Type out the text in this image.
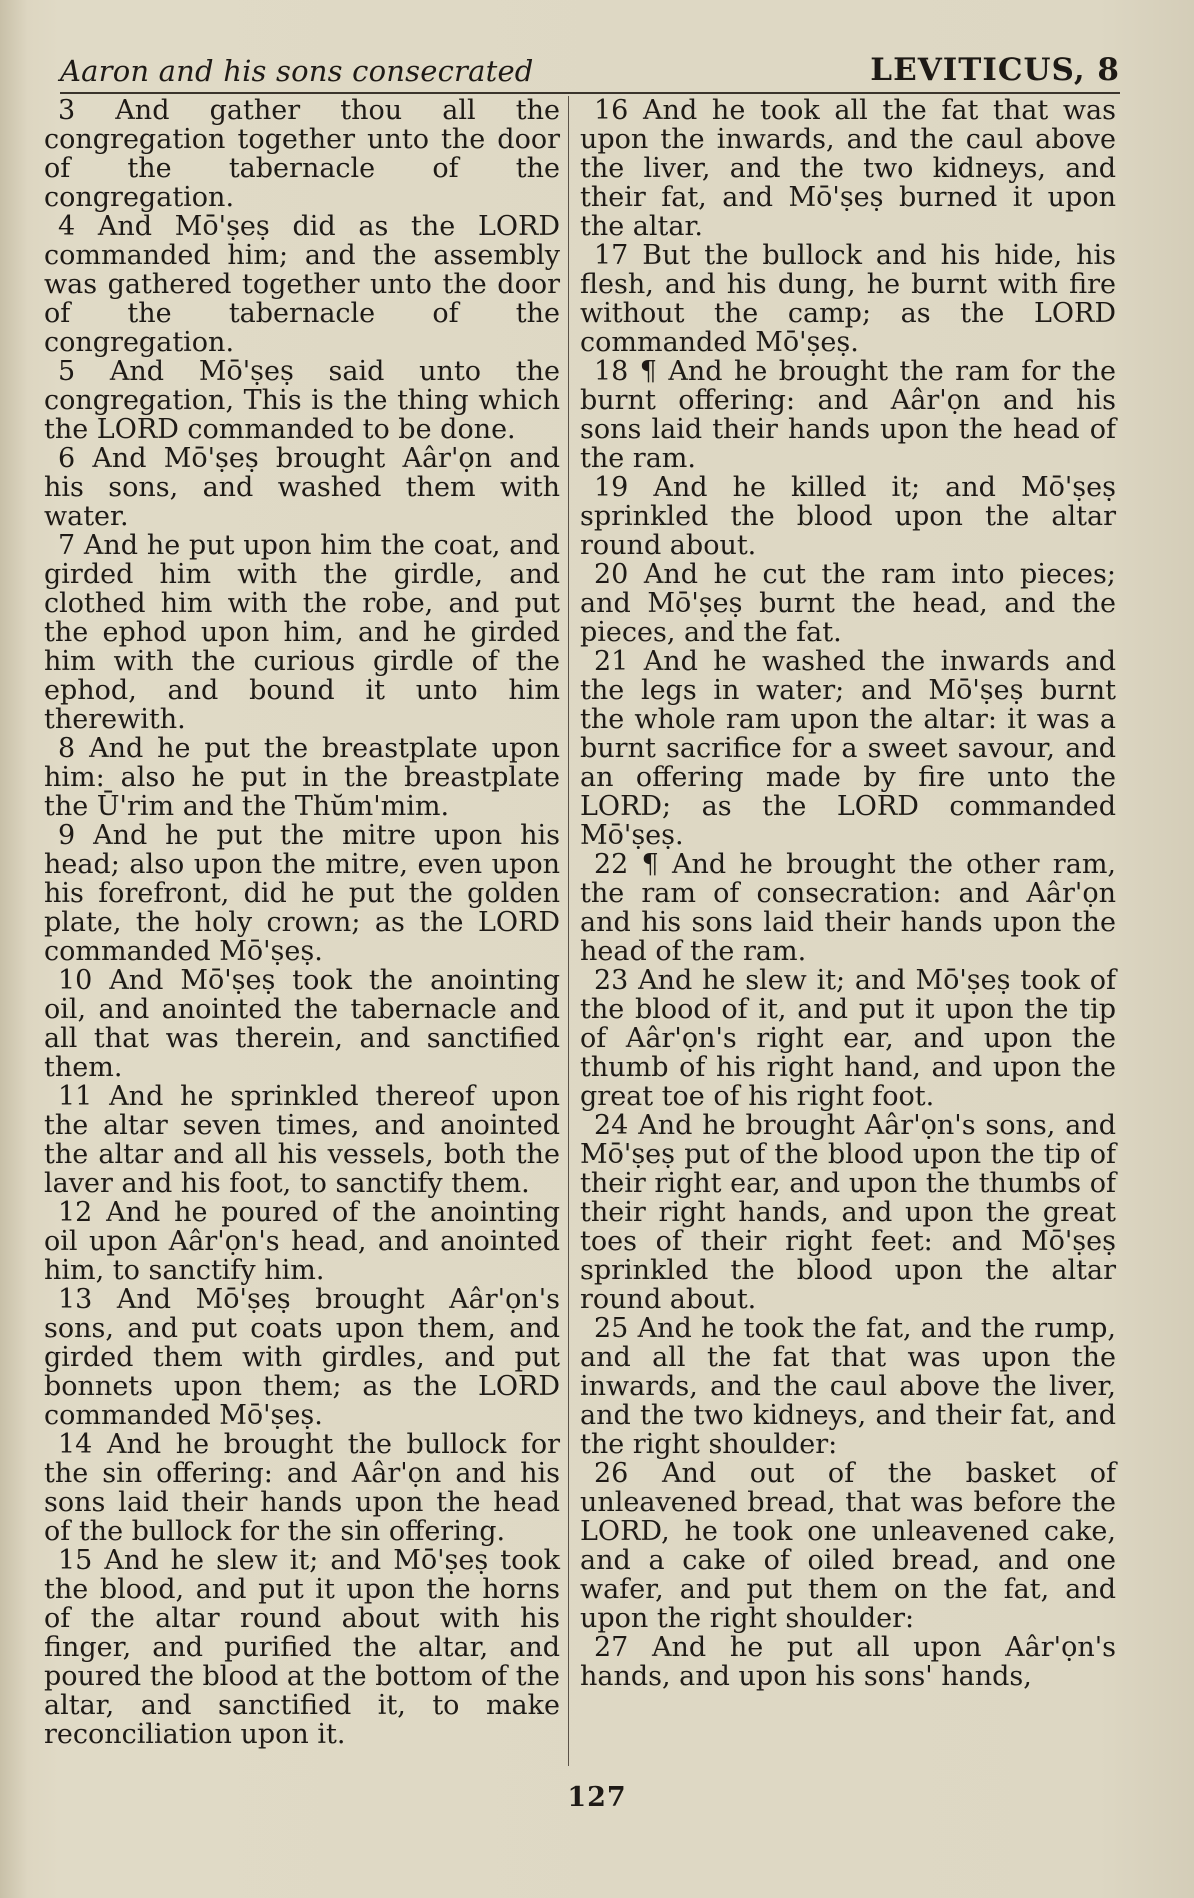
Aaron and his sons consecrated	LEVITICUS, 8

3 And gather thou all the congregation together unto the door of the tabernacle of the congregation.

4 And Mō'ṣeṣ did as the LORD commanded him; and the assembly was gathered together unto the door of the tabernacle of the congregation.

5 And Mō'ṣeṣ said unto the congregation, This is the thing which the LORD commanded to be done.

6 And Mō'ṣeṣ brought Aâr'ọn and his sons, and washed them with water.

7 And he put upon him the coat, and girded him with the girdle, and clothed him with the robe, and put the ephod upon him, and he girded him with the curious girdle of the ephod, and bound it unto him therewith.

8 And he put the breastplate upon him: also he put in the breastplate the Ū'rim and the Thŭm'mim.

9 And he put the mitre upon his head; also upon the mitre, even upon his forefront, did he put the golden plate, the holy crown; as the LORD commanded Mō'ṣeṣ.

10 And Mō'ṣeṣ took the anointing oil, and anointed the tabernacle and all that was therein, and sanctified them.

11 And he sprinkled thereof upon the altar seven times, and anointed the altar and all his vessels, both the laver and his foot, to sanctify them.

12 And he poured of the anointing oil upon Aâr'ọn's head, and anointed him, to sanctify him.

13 And Mō'ṣeṣ brought Aâr'ọn's sons, and put coats upon them, and girded them with girdles, and put bonnets upon them; as the LORD commanded Mō'ṣeṣ.

14 And he brought the bullock for the sin offering: and Aâr'ọn and his sons laid their hands upon the head of the bullock for the sin offering.

15 And he slew it; and Mō'ṣeṣ took the blood, and put it upon the horns of the altar round about with his finger, and purified the altar, and poured the blood at the bottom of the altar, and sanctified it, to make reconciliation upon it.

16 And he took all the fat that was upon the inwards, and the caul above the liver, and the two kidneys, and their fat, and Mō'ṣeṣ burned it upon the altar.

17 But the bullock and his hide, his flesh, and his dung, he burnt with fire without the camp; as the LORD commanded Mō'ṣeṣ.

18 ¶ And he brought the ram for the burnt offering: and Aâr'ọn and his sons laid their hands upon the head of the ram.

19 And he killed it; and Mō'ṣeṣ sprinkled the blood upon the altar round about.

20 And he cut the ram into pieces; and Mō'ṣeṣ burnt the head, and the pieces, and the fat.

21 And he washed the inwards and the legs in water; and Mō'ṣeṣ burnt the whole ram upon the altar: it was a burnt sacrifice for a sweet savour, and an offering made by fire unto the LORD; as the LORD commanded Mō'ṣeṣ.

22 ¶ And he brought the other ram, the ram of consecration: and Aâr'ọn and his sons laid their hands upon the head of the ram.

23 And he slew it; and Mō'ṣeṣ took of the blood of it, and put it upon the tip of Aâr'ọn's right ear, and upon the thumb of his right hand, and upon the great toe of his right foot.

24 And he brought Aâr'ọn's sons, and Mō'ṣeṣ put of the blood upon the tip of their right ear, and upon the thumbs of their right hands, and upon the great toes of their right feet: and Mō'ṣeṣ sprinkled the blood upon the altar round about.

25 And he took the fat, and the rump, and all the fat that was upon the inwards, and the caul above the liver, and the two kidneys, and their fat, and the right shoulder:

26 And out of the basket of unleavened bread, that was before the LORD, he took one unleavened cake, and a cake of oiled bread, and one wafer, and put them on the fat, and upon the right shoulder:

27 And he put all upon Aâr'ọn's hands, and upon his sons' hands,

127
